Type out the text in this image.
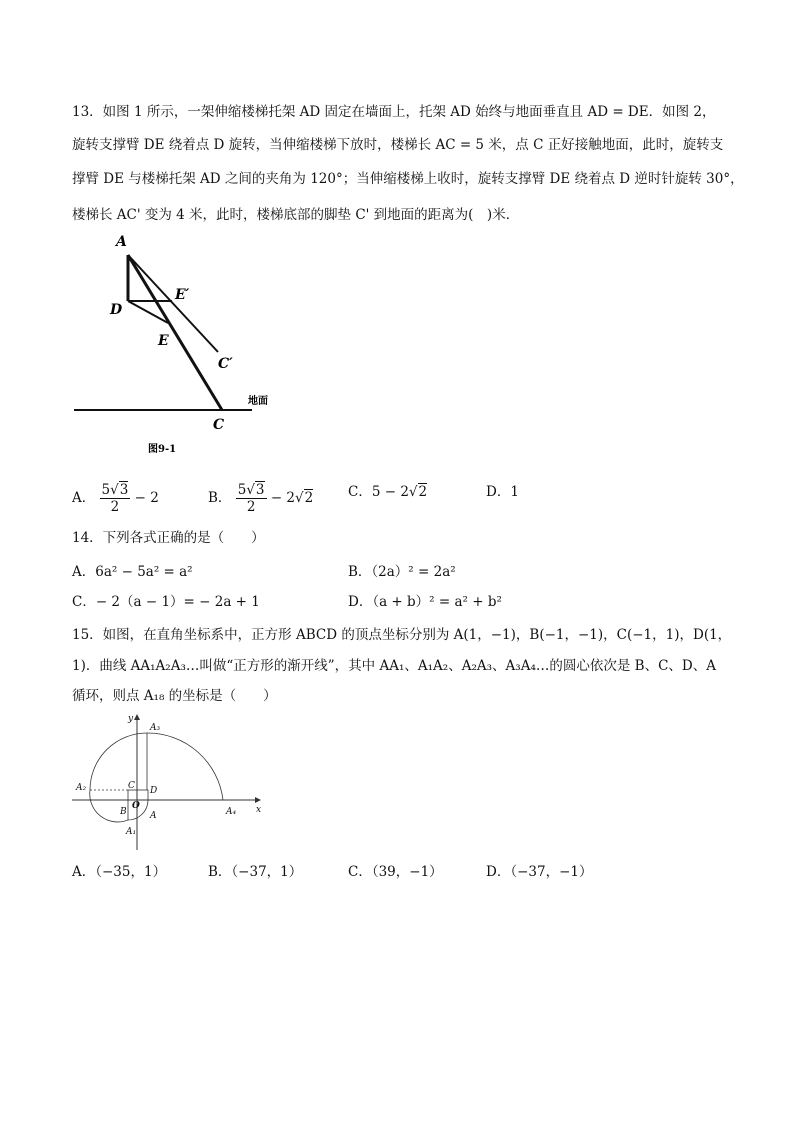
13．如图 1 所示，一架伸缩楼梯托架 AD 固定在墙面上，托架 AD 始终与地面垂直且 AD = DE．如图 2，
旋转支撑臂 DE 绕着点 D 旋转，当伸缩楼梯下放时，楼梯长 AC = 5 米，点 C 正好接触地面，此时，旋转支
撑臂 DE 与楼梯托架 AD 之间的夹角为 120°；当伸缩楼梯上收时，旋转支撑臂 DE 绕着点 D 逆时针旋转 30°，
楼梯长 AC' 变为 4 米，此时，楼梯底部的脚垫 C' 到地面的距离为(　)米．
A
D
E′
E
C′
C
地面
图9-1
A． $\frac{5√3}{2} - 2$	B． $\frac{5√3}{2} - 2√2$	C．5 − 2√2	D．1
14．下列各式正确的是（　　）
A．6a² − 5a² = a²	B．（2a）² = 2a²
C．− 2（a − 1）= − 2a + 1	D．（a + b）² = a² + b²
15．如图，在直角坐标系中，正方形 ABCD 的顶点坐标分别为 A(1，−1)，B(−1，−1)，C(−1，1)，D(1，
1)．曲线 AA₁A₂A₃…叫做“正方形的渐开线”，其中 AA₁、A₁A₂、A₂A₃、A₃A₄…的圆心依次是 B、C、D、A
循环，则点 A₁₈ 的坐标是（　　）
x
y
O
A
B
C D
A₁
A₂
A₃
A₄
A．（−35，1）	B．（−37，1）	C．（39，−1）	D．（−37，−1）
